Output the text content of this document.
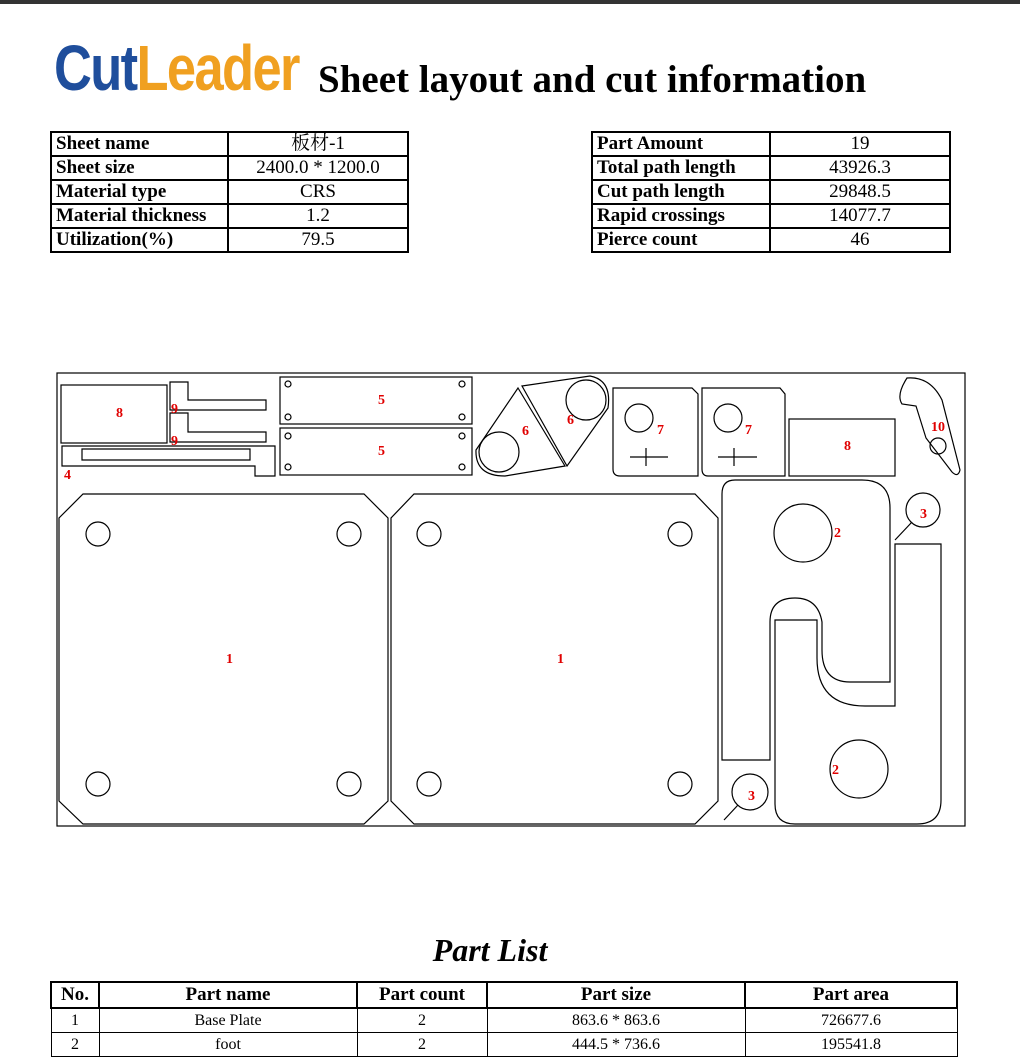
CutLeader Sheet layout and cut information
Sheet name	板材-1
Sheet size	2400.0 * 1200.0
Material type	CRS
Material thickness	1.2
Utilization(%)	79.5
Part Amount	19
Total path length	43926.3
Cut path length	29848.5
Rapid crossings	14077.7
Pierce count	46
1	1
2
2
3
3
4
5
5
6
6
7	7
8
8
9
9
10
Part List
No.	Part name	Part count	Part size	Part area
1	Base Plate	2	863.6 * 863.6	726677.6
2	foot	2	444.5 * 736.6	195541.8
